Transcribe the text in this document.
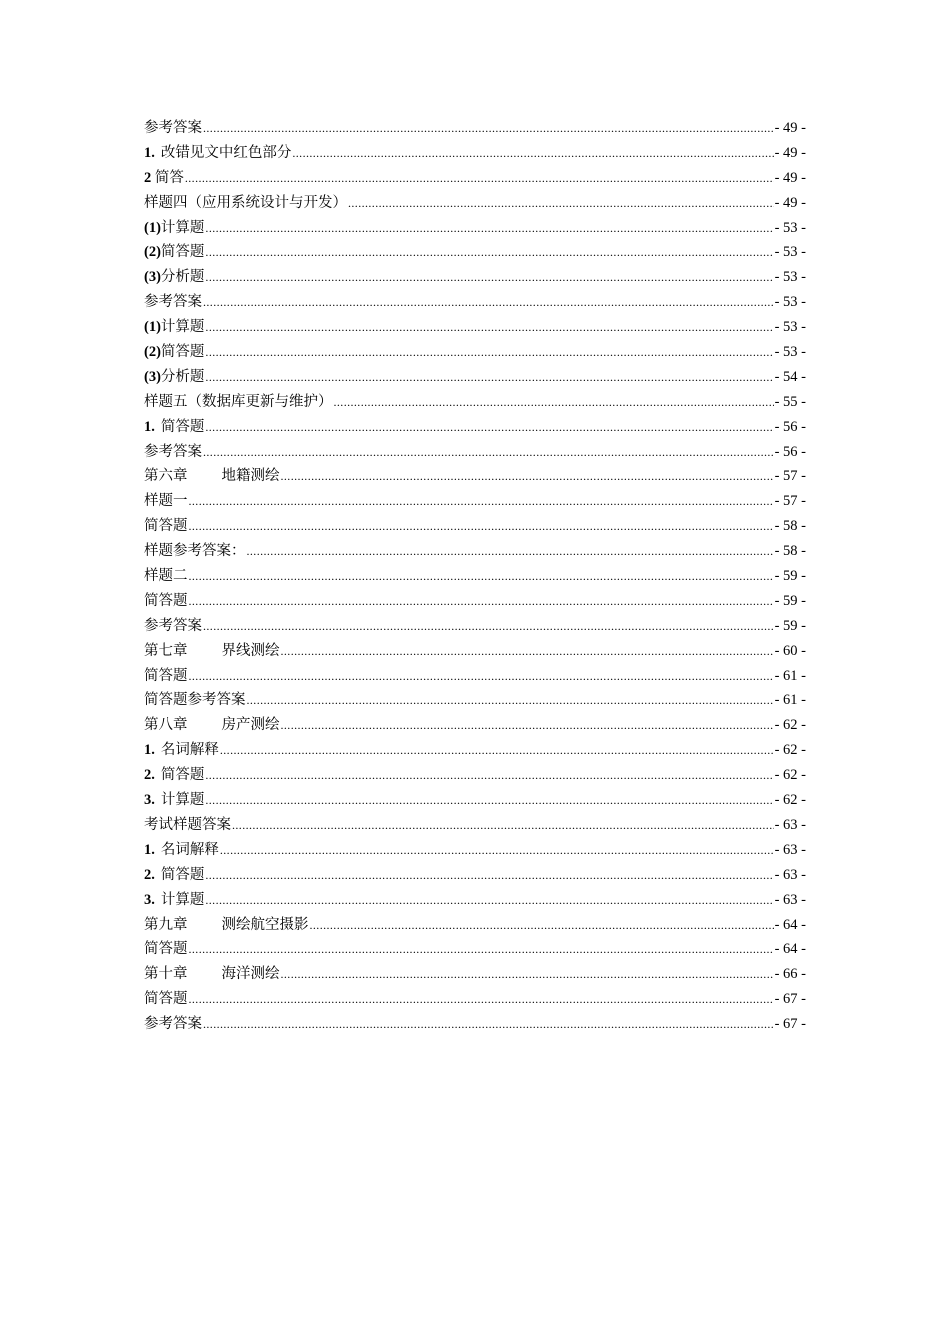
参考答案 .....	- 49 -
1. 改错见文中红色部分 .....	- 49 -
2 简答 .....	- 49 -
样题四（应用系统设计与开发） .....	- 49 -
(1)计算题 .....	- 53 -
(2)简答题 .....	- 53 -
(3)分析题 .....	- 53 -
参考答案 .....	- 53 -
(1)计算题 .....	- 53 -
(2)简答题 .....	- 53 -
(3)分析题 .....	- 54 -
样题五（数据库更新与维护） .....	- 55 -
1. 简答题 .....	- 56 -
参考答案 .....	- 56 -
第六章 地籍测绘 .....	- 57 -
样题一 .....	- 57 -
简答题 .....	- 58 -
样题参考答案： .....	- 58 -
样题二 .....	- 59 -
简答题 .....	- 59 -
参考答案 .....	- 59 -
第七章 界线测绘 .....	- 60 -
简答题 .....	- 61 -
简答题参考答案 .....	- 61 -
第八章 房产测绘 .....	- 62 -
1. 名词解释 .....	- 62 -
2. 简答题 .....	- 62 -
3. 计算题 .....	- 62 -
考试样题答案 .....	- 63 -
1. 名词解释 .....	- 63 -
2. 简答题 .....	- 63 -
3. 计算题 .....	- 63 -
第九章 测绘航空摄影 .....	- 64 -
简答题 .....	- 64 -
第十章 海洋测绘 .....	- 66 -
简答题 .....	- 67 -
参考答案 .....	- 67 -
